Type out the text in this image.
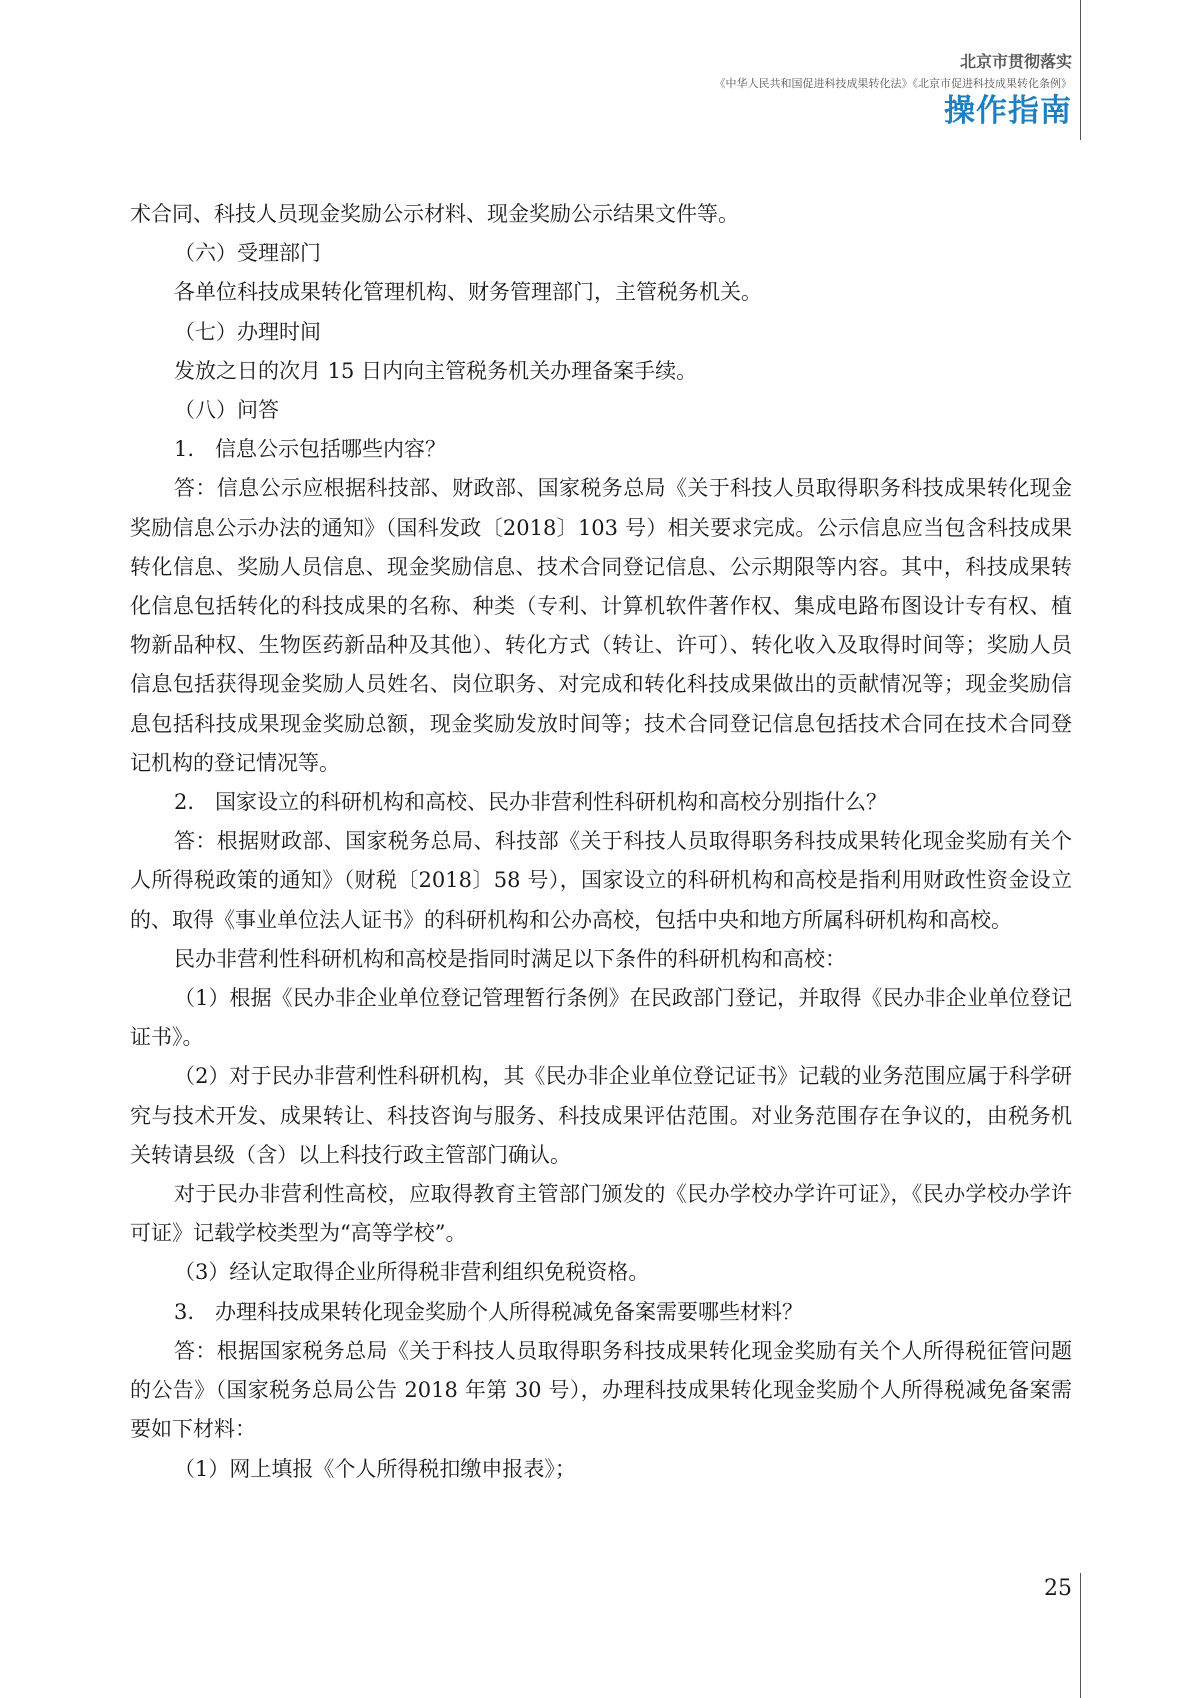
北京市贯彻落实
《中华人民共和国促进科技成果转化法》《北京市促进科技成果转化条例》
操作指南

术合同、科技人员现金奖励公示材料、现金奖励公示结果文件等。

（六）受理部门

各单位科技成果转化管理机构、财务管理部门，主管税务机关。

（七）办理时间

发放之日的次月 15 日内向主管税务机关办理备案手续。

（八）问答

1.　信息公示包括哪些内容？

答：信息公示应根据科技部、财政部、国家税务总局《关于科技人员取得职务科技成果转化现金奖励信息公示办法的通知》（国科发政〔2018〕103 号）相关要求完成。公示信息应当包含科技成果转化信息、奖励人员信息、现金奖励信息、技术合同登记信息、公示期限等内容。其中，科技成果转化信息包括转化的科技成果的名称、种类（专利、计算机软件著作权、集成电路布图设计专有权、植物新品种权、生物医药新品种及其他）、转化方式（转让、许可）、转化收入及取得时间等；奖励人员信息包括获得现金奖励人员姓名、岗位职务、对完成和转化科技成果做出的贡献情况等；现金奖励信息包括科技成果现金奖励总额，现金奖励发放时间等；技术合同登记信息包括技术合同在技术合同登记机构的登记情况等。

2.　国家设立的科研机构和高校、民办非营利性科研机构和高校分别指什么？

答：根据财政部、国家税务总局、科技部《关于科技人员取得职务科技成果转化现金奖励有关个人所得税政策的通知》（财税〔2018〕58 号），国家设立的科研机构和高校是指利用财政性资金设立的、取得《事业单位法人证书》的科研机构和公办高校，包括中央和地方所属科研机构和高校。

民办非营利性科研机构和高校是指同时满足以下条件的科研机构和高校：

（1）根据《民办非企业单位登记管理暂行条例》在民政部门登记，并取得《民办非企业单位登记证书》。

（2）对于民办非营利性科研机构，其《民办非企业单位登记证书》记载的业务范围应属于科学研究与技术开发、成果转让、科技咨询与服务、科技成果评估范围。对业务范围存在争议的，由税务机关转请县级（含）以上科技行政主管部门确认。

对于民办非营利性高校，应取得教育主管部门颁发的《民办学校办学许可证》，《民办学校办学许可证》记载学校类型为“高等学校”。

（3）经认定取得企业所得税非营利组织免税资格。

3.　办理科技成果转化现金奖励个人所得税减免备案需要哪些材料？

答：根据国家税务总局《关于科技人员取得职务科技成果转化现金奖励有关个人所得税征管问题的公告》（国家税务总局公告 2018 年第 30 号），办理科技成果转化现金奖励个人所得税减免备案需要如下材料：

（1）网上填报《个人所得税扣缴申报表》；

25
